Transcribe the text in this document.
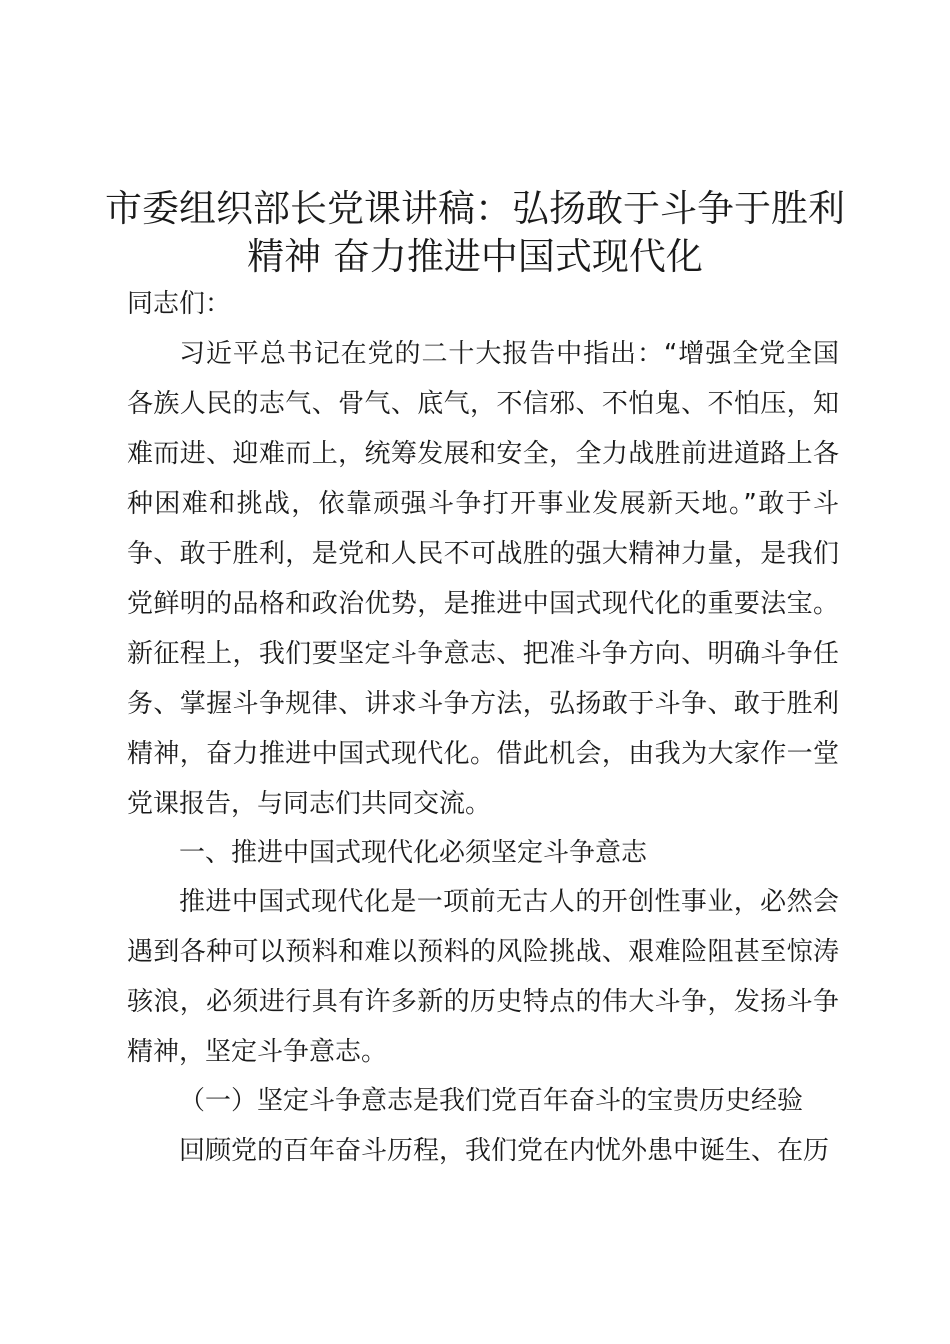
市委组织部长党课讲稿：弘扬敢于斗争于胜利
精神 奋力推进中国式现代化

同志们：

习近平总书记在党的二十大报告中指出：“增强全党全国各族人民的志气、骨气、底气，不信邪、不怕鬼、不怕压，知难而进、迎难而上，统筹发展和安全，全力战胜前进道路上各种困难和挑战，依靠顽强斗争打开事业发展新天地。”敢于斗争、敢于胜利，是党和人民不可战胜的强大精神力量，是我们党鲜明的品格和政治优势，是推进中国式现代化的重要法宝。新征程上，我们要坚定斗争意志、把准斗争方向、明确斗争任务、掌握斗争规律、讲求斗争方法，弘扬敢于斗争、敢于胜利精神，奋力推进中国式现代化。借此机会，由我为大家作一堂党课报告，与同志们共同交流。

一、推进中国式现代化必须坚定斗争意志

推进中国式现代化是一项前无古人的开创性事业，必然会遇到各种可以预料和难以预料的风险挑战、艰难险阻甚至惊涛骇浪，必须进行具有许多新的历史特点的伟大斗争，发扬斗争精神，坚定斗争意志。

（一）坚定斗争意志是我们党百年奋斗的宝贵历史经验

回顾党的百年奋斗历程，我们党在内忧外患中诞生、在历
